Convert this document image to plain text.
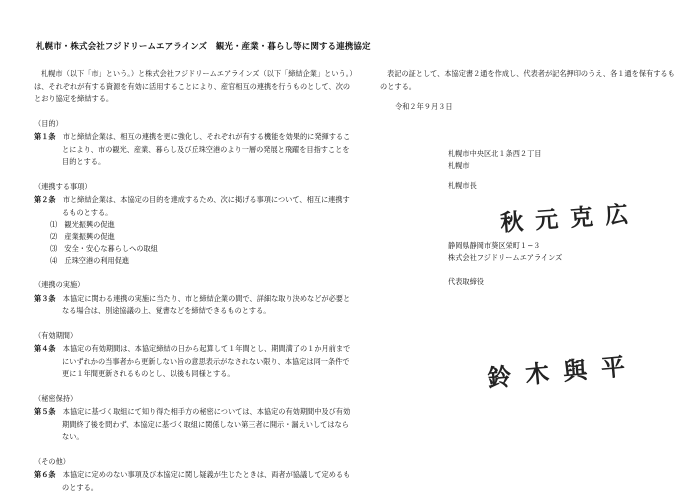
札幌市・株式会社フジドリームエアラインズ　観光・産業・暮らし等に関する連携協定

札幌市（以下「市」という。）と株式会社フジドリームエアラインズ（以下「締結企業」という。）は、それぞれが有する資源を有効に活用することにより、産官相互の連携を行うものとして、次のとおり協定を締結する。

（目的）

第１条　 市と締結企業は、相互の連携を更に強化し、それぞれが有する機能を効果的に発揮することにより、市の観光、産業、暮らし及び丘珠空港のより一層の発展と飛躍を目指すことを目的とする。

（連携する事項）

第２条　 市と締結企業は、本協定の目的を達成するため、次に掲げる事項について、相互に連携するものとする。

⑴　観光振興の促進
⑵　産業振興の促進
⑶　安全・安心な暮らしへの取組
⑷　丘珠空港の利用促進
（連携の実施）

第３条　 本協定に関わる連携の実施に当たり、市と締結企業の間で、詳細な取り決めなどが必要となる場合は、別途協議の上、覚書などを締結できるものとする。

（有効期間）

第４条　 本協定の有効期間は、本協定締結の日から起算して１年間とし、期間満了の１か月前までにいずれかの当事者から更新しない旨の意思表示がなされない限り、本協定は同一条件で更に１年間更新されるものとし、以後も同様とする。

（秘密保持）

第５条　 本協定に基づく取組にて知り得た相手方の秘密については、本協定の有効期間中及び有効期間終了後を問わず、本協定に基づく取組に関係しない第三者に開示・漏えいしてはならない。

（その他）

第６条　 本協定に定めのない事項及び本協定に関し疑義が生じたときは、両者が協議して定めるものとする。

表記の証として、本協定書２通を作成し、代表者が記名押印のうえ、各１通を保有するものとする。

令和２年９月３日
札幌市中央区北１条西２丁目
札幌市
札幌市長
秋元克広
静岡県静岡市葵区栄町１−３
株式会社フジドリームエアラインズ
代表取締役
鈴木與平
